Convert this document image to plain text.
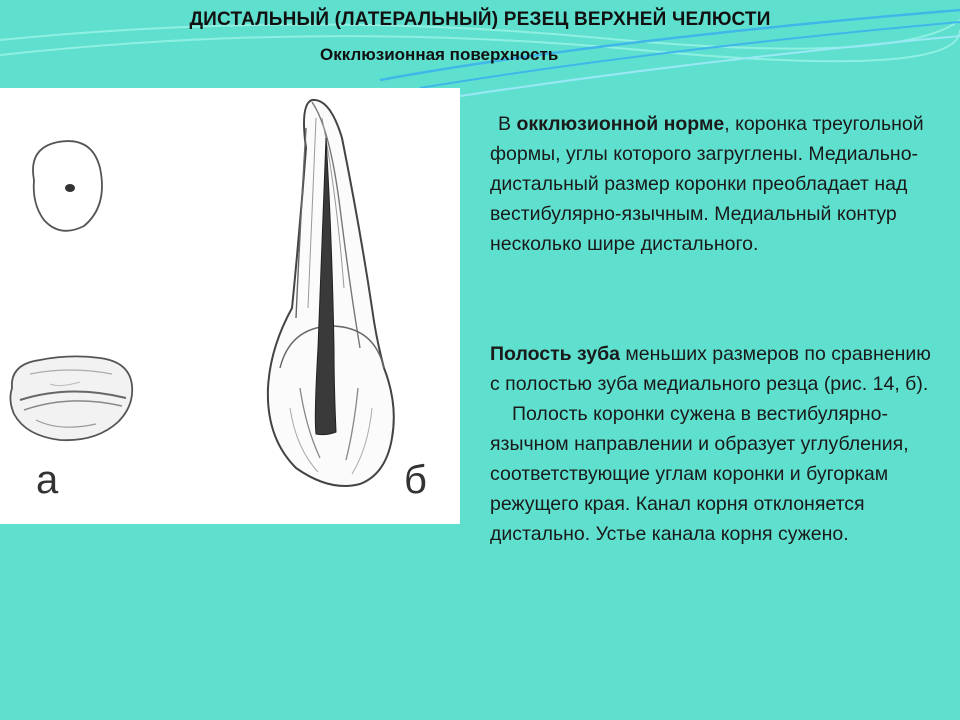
ДИСТАЛЬНЫЙ (ЛАТЕРАЛЬНЫЙ) РЕЗЕЦ ВЕРХНЕЙ ЧЕЛЮСТИ
Окклюзионная поверхность
а	б
В окклюзионной норме, коронка треугольной формы, углы которого загруглены. Медиально-дистальный размер коронки преобладает над вестибулярно-язычным. Медиальный контур несколько шире дистального.
Полость зуба меньших размеров по сравнению с полостью зуба медиального резца (рис. 14, б).
Полость коронки сужена в вестибулярно-язычном направлении и образует углубления, соответствующие углам коронки и бугоркам режущего края. Канал корня отклоняется дистально. Устье канала корня сужено.
